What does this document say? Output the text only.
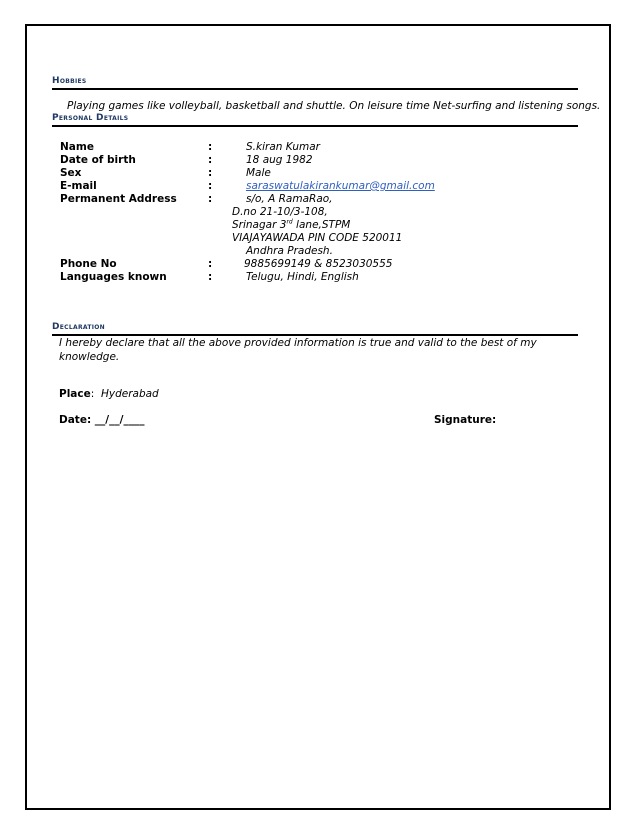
Hobbies
Playing games like volleyball, basketball and shuttle. On leisure time Net-surfing and listening songs.
Personal Details
Name	:	S.kiran Kumar
Date of birth	:	18 aug 1982
Sex	:	Male
E-mail	:	saraswatulakirankumar@gmail.com
Permanent Address	:	s/o, A RamaRao,
D.no 21-10/3-108,
Srinagar 3rd lane,STPM
VIAJAYAWADA PIN CODE 520011
Andhra Pradesh.
Phone No	:	9885699149 & 8523030555
Languages known	:	Telugu, Hindi, English
Declaration
I hereby declare that all the above provided information is true and valid to the best of my knowledge.
Place: Hyderabad
Date: __/__/____	Signature:
